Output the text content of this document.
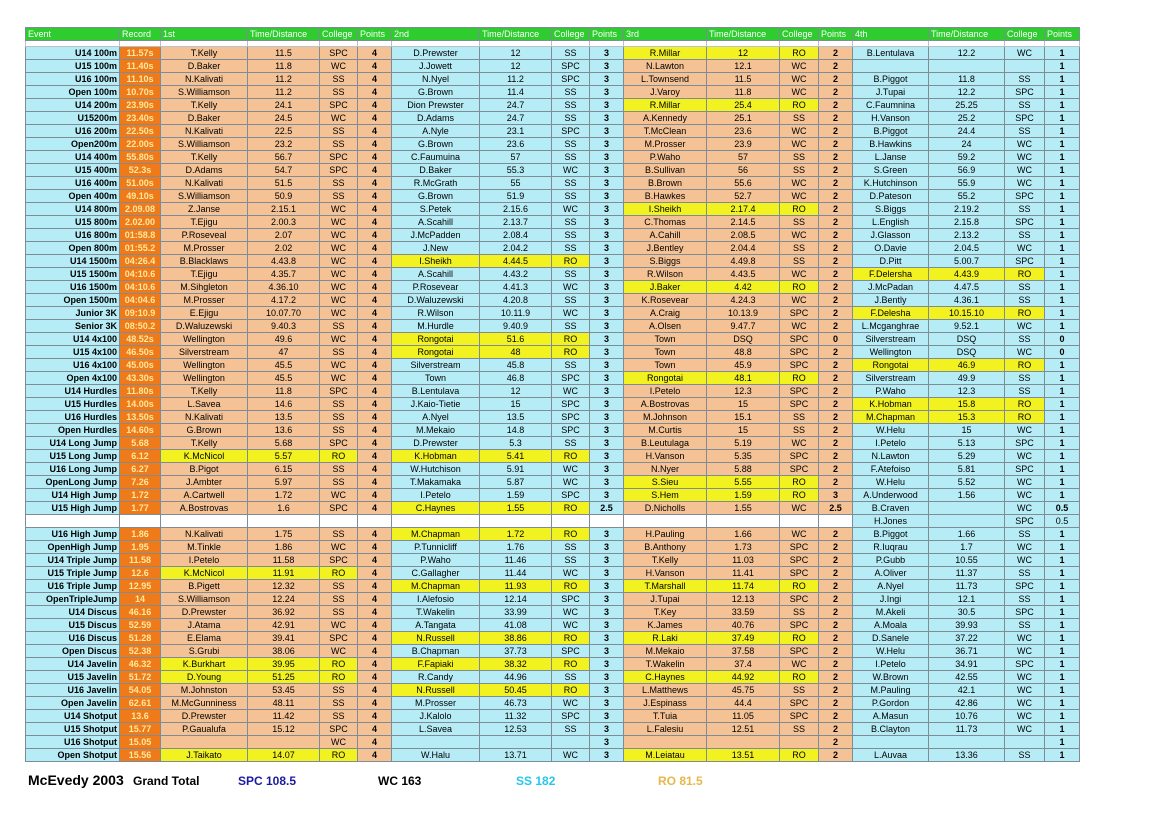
Event	Record	1st	Time/Distance	College	Points	2nd	Time/Distance	College	Points	3rd	Time/Distance	College	Points	4th	Time/Distance	College	Points

U14 100m	11.57s	T.Kelly	11.5	SPC	4	D.Prewster	12	SS	3	R.Millar	12	RO	2	B.Lentulava	12.2	WC	1
U15 100m	11.40s	D.Baker	11.8	WC	4	J.Jowett	12	SPC	3	N.Lawton	12.1	WC	2				1
U16 100m	11.10s	N.Kalivati	11.2	SS	4	N.Nyel	11.2	SPC	3	L.Townsend	11.5	WC	2	B.Piggot	11.8	SS	1
Open 100m	10.70s	S.Williamson	11.2	SS	4	G.Brown	11.4	SS	3	J.Varoy	11.8	WC	2	J.Tupai	12.2	SPC	1
U14 200m	23.90s	T.Kelly	24.1	SPC	4	Dion Prewster	24.7	SS	3	R.Millar	25.4	RO	2	C.Faumnina	25.25	SS	1
U15200m	23.40s	D.Baker	24.5	WC	4	D.Adams	24.7	SS	3	A.Kennedy	25.1	SS	2	H.Vanson	25.2	SPC	1
U16 200m	22.50s	N.Kalivati	22.5	SS	4	A.Nyle	23.1	SPC	3	T.McClean	23.6	WC	2	B.Piggot	24.4	SS	1
Open200m	22.00s	S.Williamson	23.2	SS	4	G.Brown	23.6	SS	3	M.Prosser	23.9	WC	2	B.Hawkins	24	WC	1
U14 400m	55.80s	T.Kelly	56.7	SPC	4	C.Faumuina	57	SS	3	P.Waho	57	SS	2	L.Janse	59.2	WC	1
U15 400m	52.3s	D.Adams	54.7	SPC	4	D.Baker	55.3	WC	3	B.Sullivan	56	SS	2	S.Green	56.9	WC	1
U16 400m	51.00s	N.Kalivati	51.5	SS	4	R.McGrath	55	SS	3	B.Brown	55.6	WC	2	K.Hutchinson	55.9	WC	1
Open 400m	49.10s	S.Williamson	50.9	SS	4	G.Brown	51.9	SS	3	B.Hawkes	52.7	WC	2	D.Pateson	55.2	SPC	1
U14 800m	2.09.08	Z.Janse	2.15.1	WC	4	S.Petek	2.15.6	WC	3	I.Sheikh	2.17.4	RO	2	S.Biggs	2.19.2	SS	1
U15 800m	2.02.00	T.Ejigu	2.00.3	WC	4	A.Scahill	2.13.7	SS	3	C.Thomas	2.14.5	SS	2	L.English	2.15.8	SPC	1
U16 800m	01:58.8	P.Roseveal	2.07	WC	4	J.McPadden	2.08.4	SS	3	A.Cahill	2.08.5	WC	2	J.Glasson	2.13.2	SS	1
Open 800m	01:55.2	M.Prosser	2.02	WC	4	J.New	2.04.2	SS	3	J.Bentley	2.04.4	SS	2	O.Davie	2.04.5	WC	1
U14 1500m	04:26.4	B.Blacklaws	4.43.8	WC	4	I.Sheikh	4.44.5	RO	3	S.Biggs	4.49.8	SS	2	D.Pitt	5.00.7	SPC	1
U15 1500m	04:10.6	T.Ejigu	4.35.7	WC	4	A.Scahill	4.43.2	SS	3	R.Wilson	4.43.5	WC	2	F.Delersha	4.43.9	RO	1
U16 1500m	04:10.6	M.Sihgleton	4.36.10	WC	4	P.Rosevear	4.41.3	WC	3	J.Baker	4.42	RO	2	J.McPadan	4.47.5	SS	1
Open 1500m	04:04.6	M.Prosser	4.17.2	WC	4	D.Waluzewski	4.20.8	SS	3	K.Rosevear	4.24.3	WC	2	J.Bently	4.36.1	SS	1
Junior 3K	09:10.9	E.Ejigu	10.07.70	WC	4	R.Wilson	10.11.9	WC	3	A.Craig	10.13.9	SPC	2	F.Delesha	10.15.10	RO	1
Senior 3K	08:50.2	D.Waluzewski	9.40.3	SS	4	M.Hurdle	9.40.9	SS	3	A.Olsen	9.47.7	WC	2	L.Mcganghrae	9.52.1	WC	1
U14 4x100	48.52s	Wellington	49.6	WC	4	Rongotai	51.6	RO	3	Town	DSQ	SPC	0	Silverstream	DSQ	SS	0
U15 4x100	46.50s	Silverstream	47	SS	4	Rongotai	48	RO	3	Town	48.8	SPC	2	Wellington	DSQ	WC	0
U16 4x100	45.00s	Wellington	45.5	WC	4	Silverstream	45.8	SS	3	Town	45.9	SPC	2	Rongotai	46.9	RO	1
Open 4x100	43.30s	Wellington	45.5	WC	4	Town	46.8	SPC	3	Rongotai	48.1	RO	2	Silverstream	49.9	SS	1
U14 Hurdles	11.80s	T.Kelly	11.8	SPC	4	B.Lentulava	12	WC	3	I.Petelo	12.3	SPC	2	P.Waho	12.3	SS	1
U15 Hurdles	14.00s	L.Savea	14.6	SS	4	J.Kaio-Tietie	15	SPC	3	A.Bostrovas	15	SPC	2	K.Hobman	15.8	RO	1
U16 Hurdles	13.50s	N.Kalivati	13.5	SS	4	A.Nyel	13.5	SPC	3	M.Johnson	15.1	SS	2	M.Chapman	15.3	RO	1
Open Hurdles	14.60s	G.Brown	13.6	SS	4	M.Mekaio	14.8	SPC	3	M.Curtis	15	SS	2	W.Helu	15	WC	1
U14 Long Jump	5.68	T.Kelly	5.68	SPC	4	D.Prewster	5.3	SS	3	B.Leutulaga	5.19	WC	2	I.Petelo	5.13	SPC	1
U15 Long Jump	6.12	K.McNicol	5.57	RO	4	K.Hobman	5.41	RO	3	H.Vanson	5.35	SPC	2	N.Lawton	5.29	WC	1
U16 Long Jump	6.27	B.Pigot	6.15	SS	4	W.Hutchison	5.91	WC	3	N.Nyer	5.88	SPC	2	F.Atefoiso	5.81	SPC	1
OpenLong Jump	7.26	J.Ambter	5.97	SS	4	T.Makamaka	5.87	WC	3	S.Sieu	5.55	RO	2	W.Helu	5.52	WC	1
U14 High Jump	1.72	A.Cartwell	1.72	WC	4	I.Petelo	1.59	SPC	3	S.Hem	1.59	RO	3	A.Underwood	1.56	WC	1
U15 High Jump	1.77	A.Bostrovas	1.6	SPC	4	C.Haynes	1.55	RO	2.5	D.Nicholls	1.55	WC	2.5	B.Craven		WC	0.5
														H.Jones		SPC	0.5
U16 High Jump	1.86	N.Kalivati	1.75	SS	4	M.Chapman	1.72	RO	3	H.Pauling	1.66	WC	2	B.Piggot	1.66	SS	1
OpenHigh Jump	1.95	M.Tinkle	1.86	WC	4	P.Tunnicliff	1.76	SS	3	B.Anthony	1.73	SPC	2	R.Iuqrau	1.7	WC	1
U14 Triple Jump	11.58	I.Petelo	11.58	SPC	4	P.Waho	11.46	SS	3	T.Kelly	11.03	SPC	2	P.Gubb	10.55	WC	1
U15 Triple Jump	12.6	K.McNicol	11.91	RO	4	C.Gallagher	11.44	WC	3	H.Vanson	11.41	SPC	2	A.Oliver	11.37	SS	1
U16 Triple Jump	12.95	B.Pigett	12.32	SS	4	M.Chapman	11.93	RO	3	T.Marshall	11.74	RO	2	A.Nyel	11.73	SPC	1
OpenTripleJump	14	S.Williamson	12.24	SS	4	I.Alefosio	12.14	SPC	3	J.Tupai	12.13	SPC	2	J.Ingi	12.1	SS	1
U14 Discus	46.16	D.Prewster	36.92	SS	4	T.Wakelin	33.99	WC	3	T.Key	33.59	SS	2	M.Akeli	30.5	SPC	1
U15 Discus	52.59	J.Atama	42.91	WC	4	A.Tangata	41.08	WC	3	K.James	40.76	SPC	2	A.Moala	39.93	SS	1
U16 Discus	51.28	E.Elama	39.41	SPC	4	N.Russell	38.86	RO	3	R.Laki	37.49	RO	2	D.Sanele	37.22	WC	1
Open Discus	52.38	S.Grubi	38.06	WC	4	B.Chapman	37.73	SPC	3	M.Mekaio	37.58	SPC	2	W.Helu	36.71	WC	1
U14 Javelin	46.32	K.Burkhart	39.95	RO	4	F.Fapiaki	38.32	RO	3	T.Wakelin	37.4	WC	2	I.Petelo	34.91	SPC	1
U15 Javelin	51.72	D.Young	51.25	RO	4	R.Candy	44.96	SS	3	C.Haynes	44.92	RO	2	W.Brown	42.55	WC	1
U16 Javelin	54.05	M.Johnston	53.45	SS	4	N.Russell	50.45	RO	3	L.Matthews	45.75	SS	2	M.Pauling	42.1	WC	1
Open Javelin	62.61	M.McGunniness	48.11	SS	4	M.Prosser	46.73	WC	3	J.Espinass	44.4	SPC	2	P.Gordon	42.86	WC	1
U14 Shotput	13.6	D.Prewster	11.42	SS	4	J.Kalolo	11.32	SPC	3	T.Tuia	11.05	SPC	2	A.Masun	10.76	WC	1
U15 Shotput	15.77	P.Gaualufa	15.12	SPC	4	L.Savea	12.53	SS	3	L.Falesiu	12.51	SS	2	B.Clayton	11.73	WC	1
U16 Shotput	15.05			WC	4				3				2				1
Open Shotput	15.56	J.Taikato	14.07	RO	4	W.Halu	13.71	WC	3	M.Leiatau	13.51	RO	2	L.Auvaa	13.36	SS	1
McEvedy 2003 Grand Total	SPC 108.5	WC 163	SS 182	RO 81.5
